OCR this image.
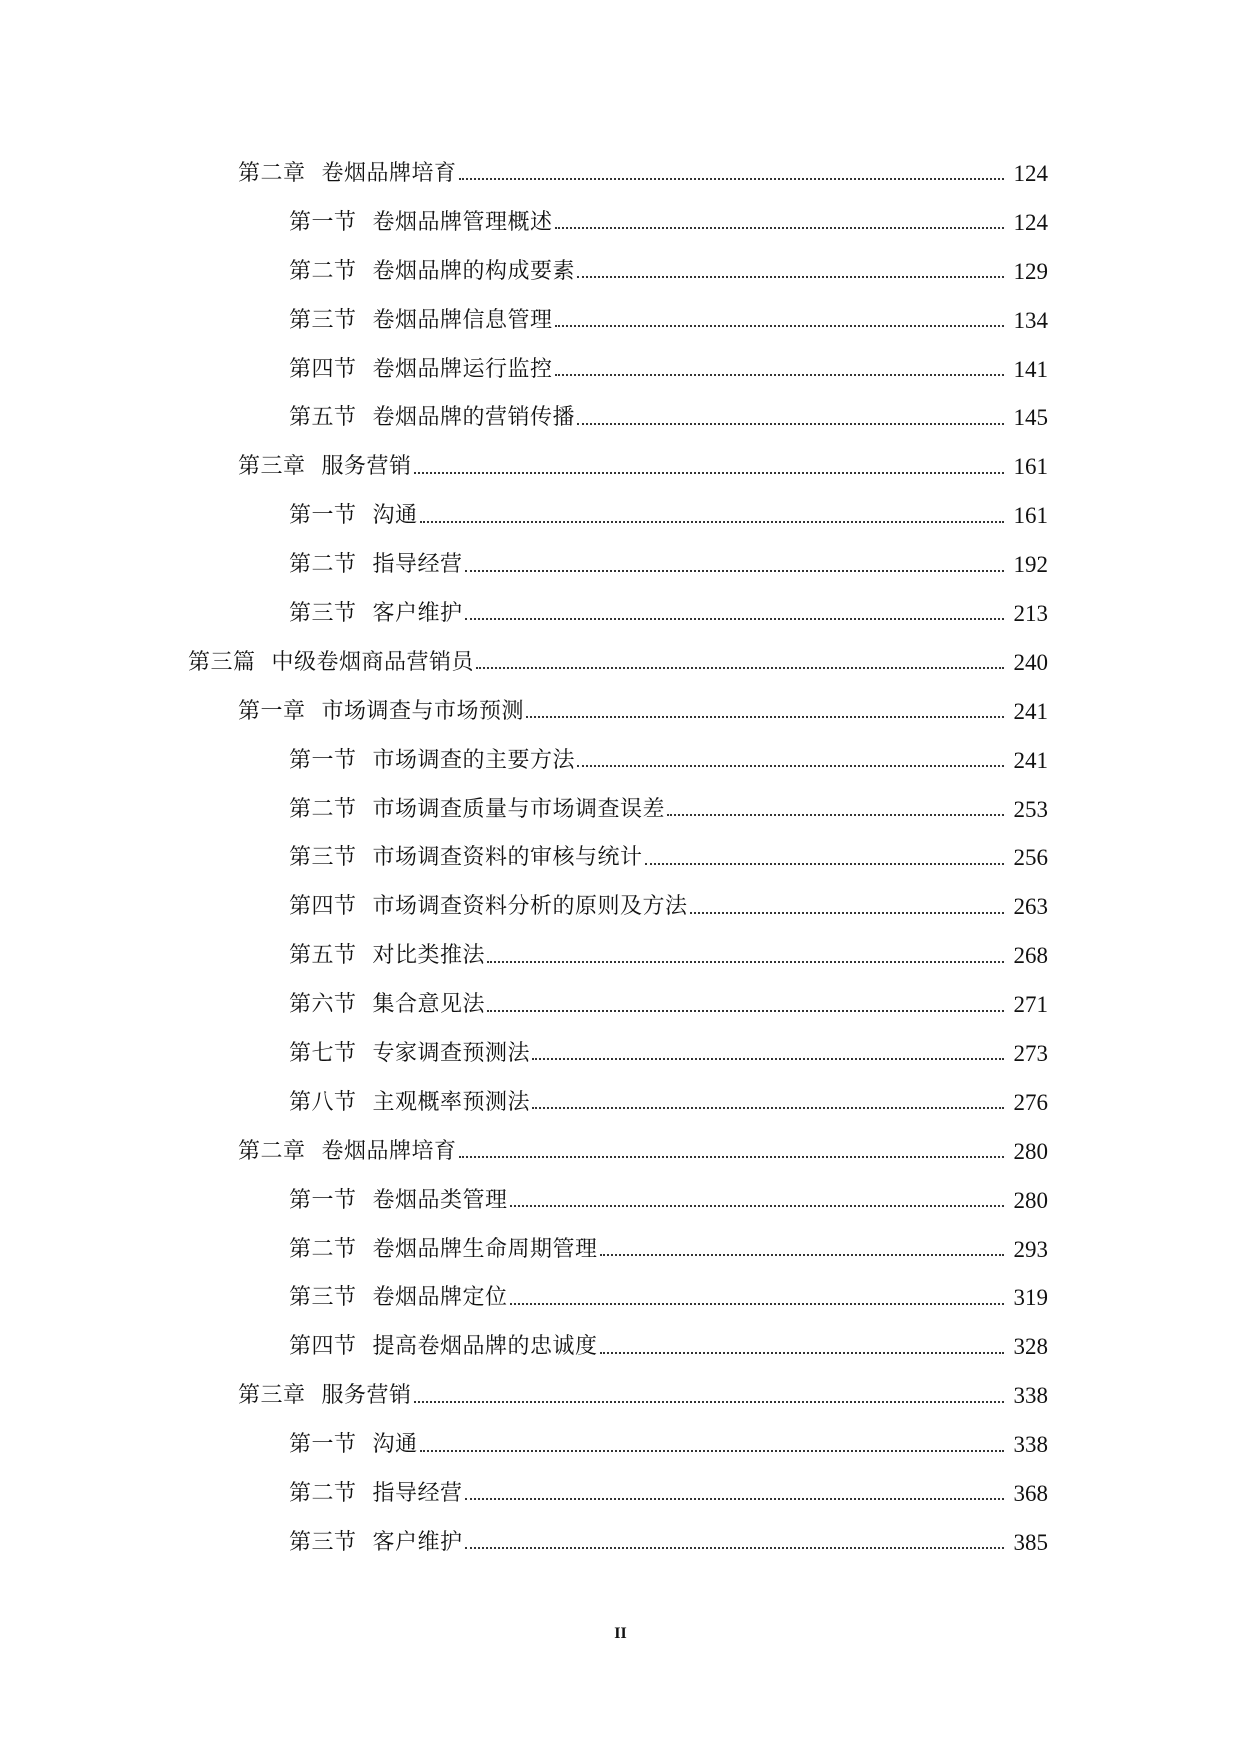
第二章 卷烟品牌培育	124
第一节 卷烟品牌管理概述	124
第二节 卷烟品牌的构成要素	129
第三节 卷烟品牌信息管理	134
第四节 卷烟品牌运行监控	141
第五节 卷烟品牌的营销传播	145
第三章 服务营销	161
第一节 沟通	161
第二节 指导经营	192
第三节 客户维护	213
第三篇 中级卷烟商品营销员	240
第一章 市场调查与市场预测	241
第一节 市场调查的主要方法	241
第二节 市场调查质量与市场调查误差	253
第三节 市场调查资料的审核与统计	256
第四节 市场调查资料分析的原则及方法	263
第五节 对比类推法	268
第六节 集合意见法	271
第七节 专家调查预测法	273
第八节 主观概率预测法	276
第二章 卷烟品牌培育	280
第一节 卷烟品类管理	280
第二节 卷烟品牌生命周期管理	293
第三节 卷烟品牌定位	319
第四节 提高卷烟品牌的忠诚度	328
第三章 服务营销	338
第一节 沟通	338
第二节 指导经营	368
第三节 客户维护	385
II
